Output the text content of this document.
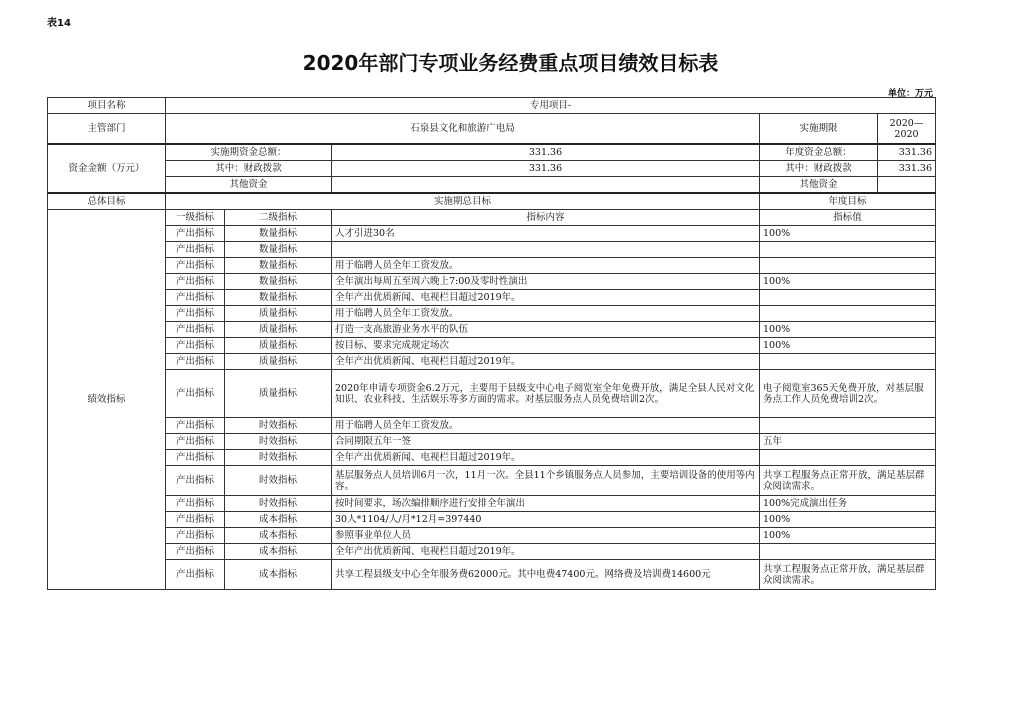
表14
2020年部门专项业务经费重点项目绩效目标表
单位：万元
项目名称	专用项目-				
主管部门	石泉县文化和旅游广电局			实施期限	2020—2020
资金金额（万元）	实施期资金总额：		331.36	年度资金总额：	331.36
	其中：财政拨款		331.36	其中：财政拨款	331.36
	其他资金			其他资金	
总体目标	实施期总目标			年度目标	
绩效指标	一级指标	二级指标	指标内容	指标值	
	产出指标	数量指标	人才引进30名	100%	
	产出指标	数量指标			
	产出指标	数量指标	用于临聘人员全年工资发放。		
	产出指标	数量指标	全年演出每周五至周六晚上7:00及零时性演出	100%	
	产出指标	数量指标	全年产出优质新闻、电视栏目超过2019年。		
	产出指标	质量指标	用于临聘人员全年工资发放。		
	产出指标	质量指标	打造一支高旅游业务水平的队伍	100%	
	产出指标	质量指标	按目标、要求完成规定场次	100%	
	产出指标	质量指标	全年产出优质新闻、电视栏目超过2019年。		
	产出指标	质量指标	2020年申请专项资金6.2万元，主要用于县级支中心电子阅览室全年免费开放，满足全县人民对文化知识、农业科技、生活娱乐等多方面的需求。对基层服务点人员免费培训2次。	电子阅览室365天免费开放，对基层服务点工作人员免费培训2次。	
	产出指标	时效指标	用于临聘人员全年工资发放。		
	产出指标	时效指标	合同期限五年一签	五年	
	产出指标	时效指标	全年产出优质新闻、电视栏目超过2019年。		
	产出指标	时效指标	基层服务点人员培训6月一次，11月一次。全县11个乡镇服务点人员参加，主要培训设备的使用等内容。	共享工程服务点正常开放，满足基层群众阅读需求。	
	产出指标	时效指标	按时间要求，场次编排顺序进行安排全年演出	100%完成演出任务	
	产出指标	成本指标	30人*1104/人/月*12月=397440	100%	
	产出指标	成本指标	参照事业单位人员	100%	
	产出指标	成本指标	全年产出优质新闻、电视栏目超过2019年。		
	产出指标	成本指标	共享工程县级支中心全年服务费62000元。其中电费47400元。网络费及培训费14600元	共享工程服务点正常开放，满足基层群众阅读需求。	
